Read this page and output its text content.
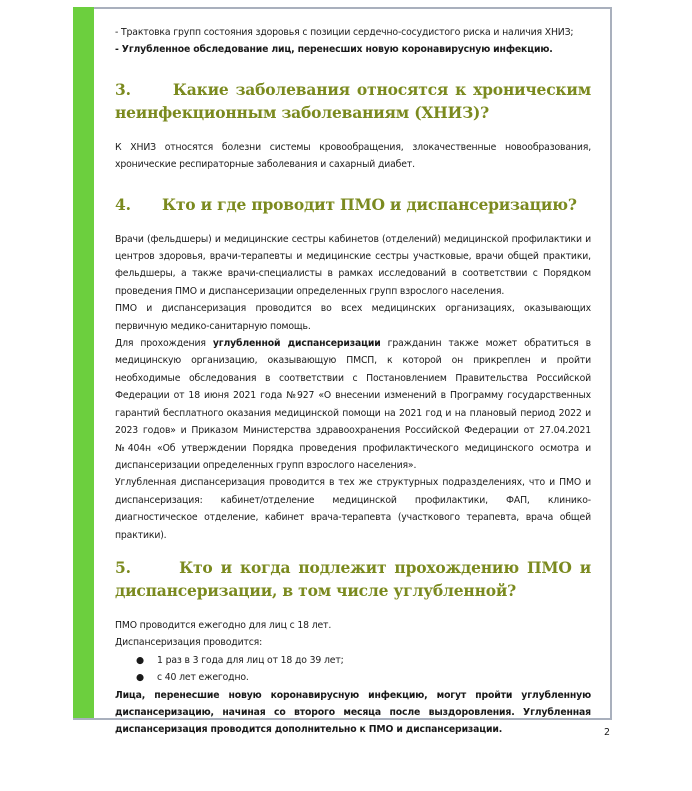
- Трактовка групп состояния здоровья с позиции сердечно-сосудистого риска и наличия ХНИЗ;

- Углубленное обследование лиц, перенесших новую коронавирусную инфекцию.

3.	Какие заболевания относятся к хроническим неинфекционным заболеваниям (ХНИЗ)?

К ХНИЗ относятся болезни системы кровообращения, злокачественные новообразования, хронические респираторные заболевания и сахарный диабет.

4. Кто и где проводит ПМО и диспансеризацию?

Врачи (фельдшеры) и медицинские сестры кабинетов (отделений) медицинской профилактики и центров здоровья, врачи-терапевты и медицинские сестры участковые, врачи общей практики, фельдшеры, а также врачи-специалисты в рамках исследований в соответствии с Порядком проведения ПМО и диспансеризации определенных групп взрослого населения.

ПМО и диспансеризация проводится во всех медицинских организациях, оказывающих первичную медико-санитарную помощь.

Для прохождения углубленной диспансеризации гражданин также может обратиться в медицинскую организацию, оказывающую ПМСП, к которой он прикреплен и пройти необходимые обследования в соответствии с Постановлением Правительства Российской Федерации от 18 июня 2021 года №927 «О внесении изменений в Программу государственных гарантий бесплатного оказания медицинской помощи на 2021 год и на плановый период 2022 и 2023 годов» и Приказом Министерства здравоохранения Российской Федерации от 27.04.2021 №404н «Об утверждении Порядка проведения профилактического медицинского осмотра и диспансеризации определенных групп взрослого населения».

Углубленная диспансеризация проводится в тех же структурных подразделениях, что и ПМО и диспансеризация: кабинет/отделение медицинской профилактики, ФАП, клинико-диагностическое отделение, кабинет врача-терапевта (участкового терапевта, врача общей практики).

5.	Кто и когда подлежит прохождению ПМО и диспансеризации, в том числе углубленной?

ПМО проводится ежегодно для лиц с 18 лет.

Диспансеризация проводится:

● 1 раз в 3 года для лиц от 18 до 39 лет;
● с 40 лет ежегодно.

Лица, перенесшие новую коронавирусную инфекцию, могут пройти углубленную диспансеризацию, начиная со второго месяца после выздоровления. Углубленная диспансеризация проводится дополнительно к ПМО и диспансеризации.	2
